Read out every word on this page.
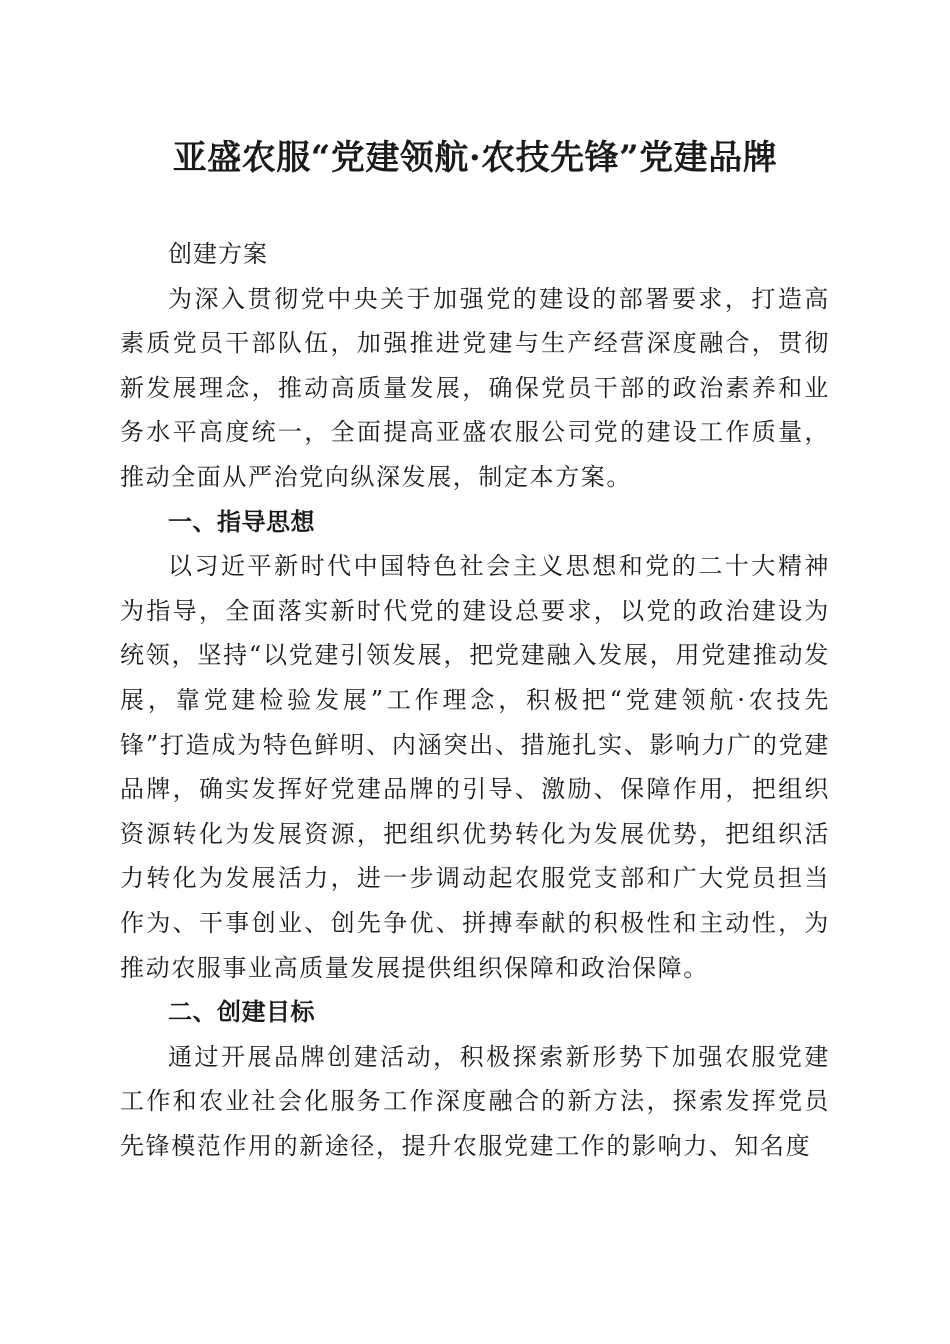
亚盛农服“党建领航·农技先锋”党建品牌

创建方案

为深入贯彻党中央关于加强党的建设的部署要求，打造高素质党员干部队伍，加强推进党建与生产经营深度融合，贯彻新发展理念，推动高质量发展，确保党员干部的政治素养和业务水平高度统一，全面提高亚盛农服公司党的建设工作质量，推动全面从严治党向纵深发展，制定本方案。

一、指导思想

以习近平新时代中国特色社会主义思想和党的二十大精神为指导，全面落实新时代党的建设总要求，以党的政治建设为统领，坚持“以党建引领发展，把党建融入发展，用党建推动发展，靠党建检验发展”工作理念，积极把“党建领航·农技先锋”打造成为特色鲜明、内涵突出、措施扎实、影响力广的党建品牌，确实发挥好党建品牌的引导、激励、保障作用，把组织资源转化为发展资源，把组织优势转化为发展优势，把组织活力转化为发展活力，进一步调动起农服党支部和广大党员担当作为、干事创业、创先争优、拼搏奉献的积极性和主动性，为推动农服事业高质量发展提供组织保障和政治保障。

二、创建目标

通过开展品牌创建活动，积极探索新形势下加强农服党建工作和农业社会化服务工作深度融合的新方法，探索发挥党员先锋模范作用的新途径，提升农服党建工作的影响力、知名度
